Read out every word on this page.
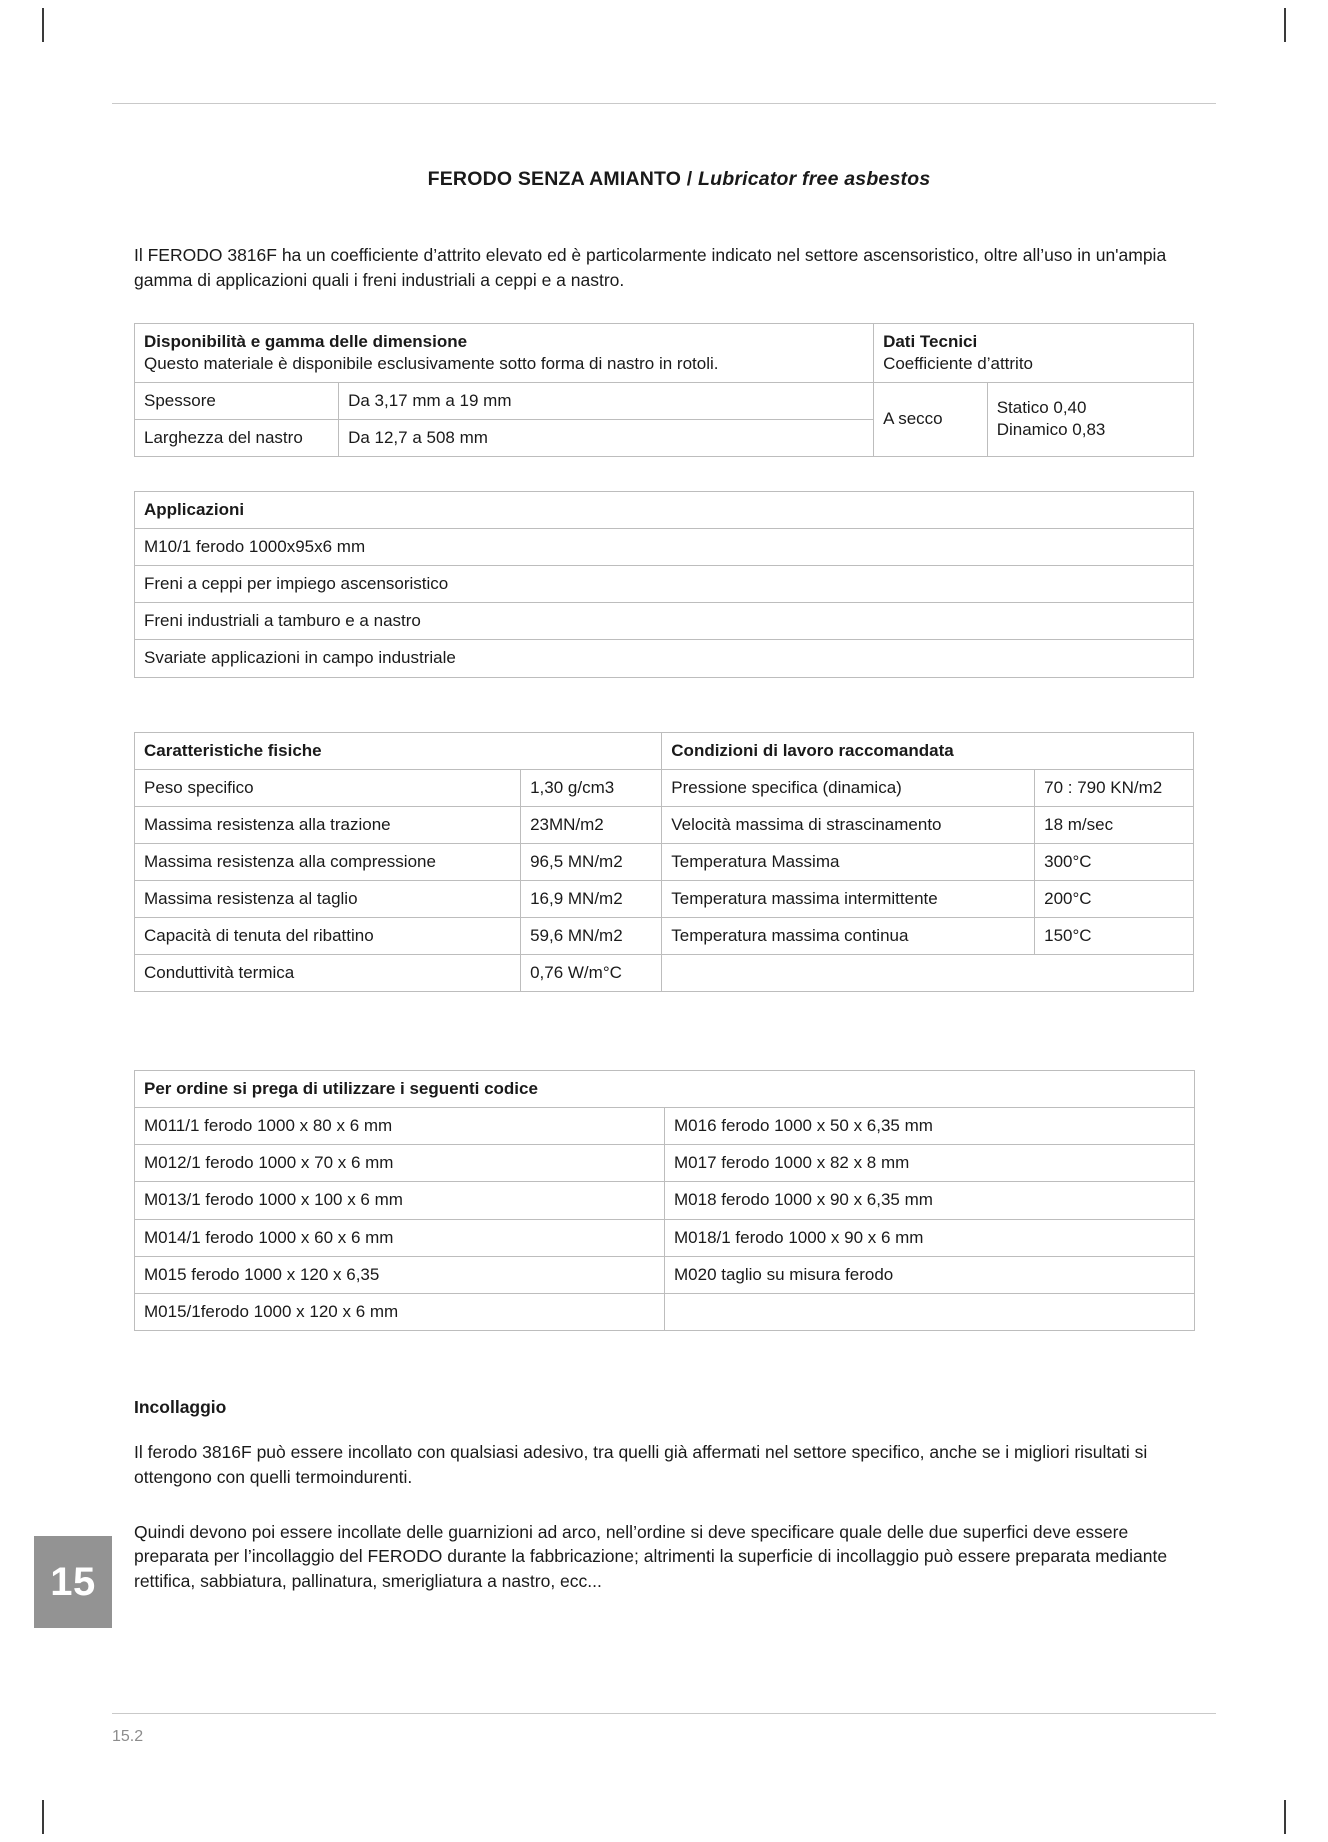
FERODO SENZA AMIANTO / Lubricator free asbestos

Il FERODO 3816F ha un coefficiente d’attrito elevato ed è particolarmente indicato nel settore ascensoristico, oltre all’uso in un'ampia gamma di applicazioni quali i freni industriali a ceppi e a nastro.

Disponibilità e gamma delle dimensione
Questo materiale è disponibile esclusivamente sotto forma di nastro in rotoli.

Dati Tecnici
Coefficiente d’attrito

Spessore	Da 3,17 mm a 19 mm	A secco	Statico 0,40
Dinamico 0,83

Larghezza del nastro	Da 12,7 a 508 mm		
Applicazioni
M10/1 ferodo 1000x95x6 mm
Freni a ceppi per impiego ascensoristico
Freni industriali a tamburo e a nastro
Svariate applicazioni in campo industriale
Caratteristiche fisiche		Condizioni di lavoro raccomandata	
Peso specifico	1,30 g/cm3	Pressione specifica (dinamica)	70 : 790 KN/m2
Massima resistenza alla trazione	23MN/m2	Velocità massima di strascinamento	18 m/sec
Massima resistenza alla compressione	96,5 MN/m2	Temperatura Massima	300°C
Massima resistenza al taglio	16,9 MN/m2	Temperatura massima intermittente	200°C
Capacità di tenuta del ribattino	59,6 MN/m2	Temperatura massima continua	150°C
Conduttività termica	0,76 W/m°C		
Per ordine si prega di utilizzare i seguenti codice	
M011/1 ferodo 1000 x 80 x 6 mm	M016 ferodo 1000 x 50 x 6,35 mm
M012/1 ferodo 1000 x 70 x 6 mm	M017 ferodo 1000 x 82 x 8 mm
M013/1 ferodo 1000 x 100 x 6 mm	M018 ferodo 1000 x 90 x 6,35 mm
M014/1 ferodo 1000 x 60 x 6 mm	M018/1 ferodo 1000 x 90 x 6 mm
M015 ferodo 1000 x 120 x 6,35	M020 taglio su misura ferodo
M015/1ferodo 1000 x 120 x 6 mm	
Incollaggio

Il ferodo 3816F può essere incollato con qualsiasi adesivo, tra quelli già affermati nel settore specifico, anche se i migliori risultati si ottengono con quelli termoindurenti.

Quindi devono poi essere incollate delle guarnizioni ad arco, nell’ordine si deve specificare quale delle due superfici deve essere preparata per l’incollaggio del FERODO durante la fabbricazione; altrimenti la superficie di incollaggio può essere preparata mediante rettifica, sabbiatura, pallinatura, smerigliatura a nastro, ecc...

15
15.2
